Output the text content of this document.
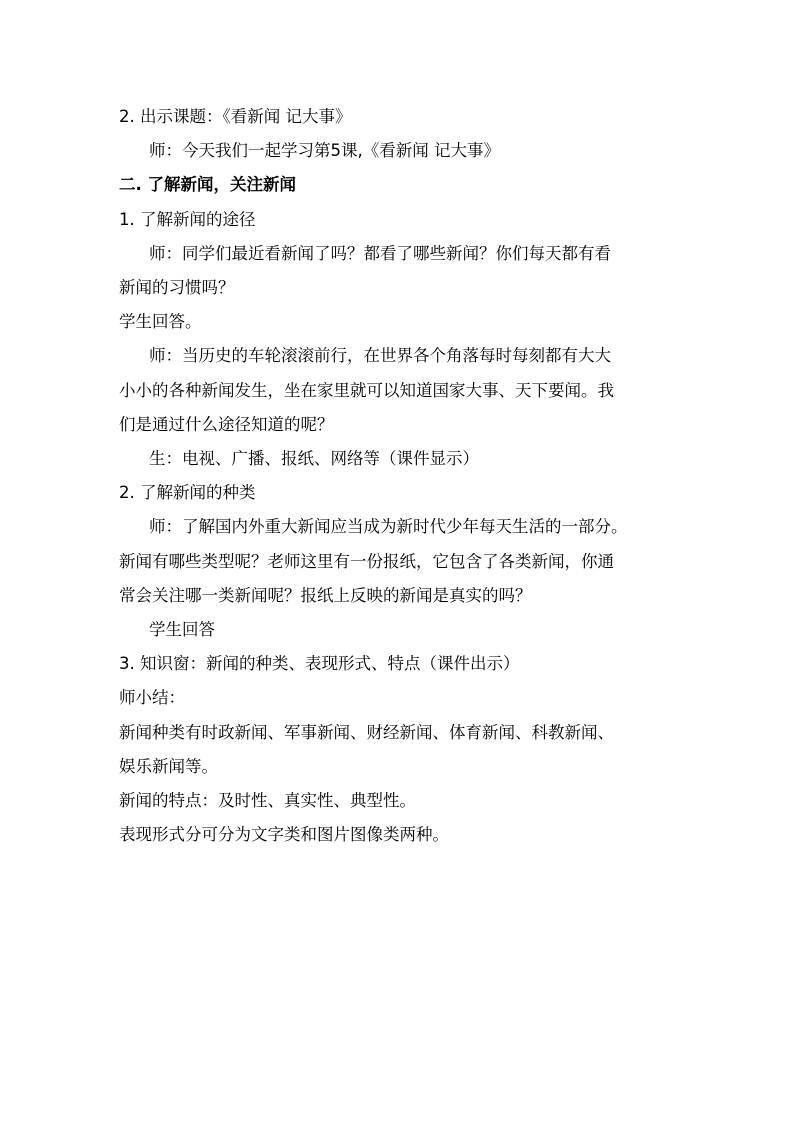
2. 出示课题：《看新闻 记大事》

师：今天我们一起学习第5课,《看新闻 记大事》

二. 了解新闻，关注新闻

1. 了解新闻的途径

师：同学们最近看新闻了吗？都看了哪些新闻？你们每天都有看

新闻的习惯吗？

学生回答。

师：当历史的车轮滚滚前行，在世界各个角落每时每刻都有大大

小小的各种新闻发生，坐在家里就可以知道国家大事、天下要闻。我

们是通过什么途径知道的呢？

生：电视、广播、报纸、网络等（课件显示）

2. 了解新闻的种类

师：了解国内外重大新闻应当成为新时代少年每天生活的一部分。

新闻有哪些类型呢？老师这里有一份报纸，它包含了各类新闻，你通

常会关注哪一类新闻呢？报纸上反映的新闻是真实的吗？

学生回答

3. 知识窗：新闻的种类、表现形式、特点（课件出示）

师小结：

新闻种类有时政新闻、军事新闻、财经新闻、体育新闻、科教新闻、

娱乐新闻等。

新闻的特点：及时性、真实性、典型性。

表现形式分可分为文字类和图片图像类两种。
